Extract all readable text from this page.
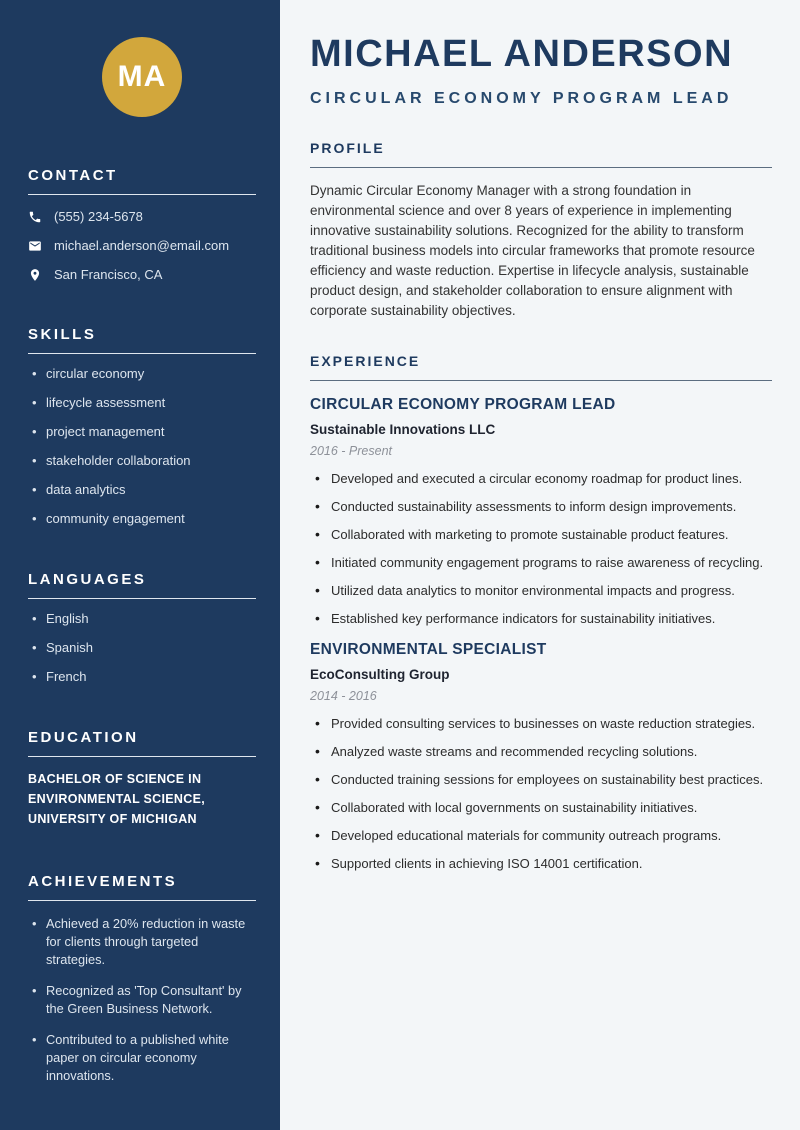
MA
CONTACT
(555) 234-5678
michael.anderson@email.com
San Francisco, CA
SKILLS
• circular economy
• lifecycle assessment
• project management
• stakeholder collaboration
• data analytics
• community engagement
LANGUAGES
• English
• Spanish
• French
EDUCATION
BACHELOR OF SCIENCE IN ENVIRONMENTAL SCIENCE, UNIVERSITY OF MICHIGAN
ACHIEVEMENTS
• Achieved a 20% reduction in waste for clients through targeted strategies.
• Recognized as 'Top Consultant' by the Green Business Network.
• Contributed to a published white paper on circular economy innovations.
MICHAEL ANDERSON

CIRCULAR ECONOMY PROGRAM LEAD

PROFILE

Dynamic Circular Economy Manager with a strong foundation in environmental science and over 8 years of experience in implementing innovative sustainability solutions. Recognized for the ability to transform traditional business models into circular frameworks that promote resource efficiency and waste reduction. Expertise in lifecycle analysis, sustainable product design, and stakeholder collaboration to ensure alignment with corporate sustainability objectives.

EXPERIENCE
CIRCULAR ECONOMY PROGRAM LEAD

Sustainable Innovations LLC

2016 - Present

• Developed and executed a circular economy roadmap for product lines.
• Conducted sustainability assessments to inform design improvements.
• Collaborated with marketing to promote sustainable product features.
• Initiated community engagement programs to raise awareness of recycling.
• Utilized data analytics to monitor environmental impacts and progress.
• Established key performance indicators for sustainability initiatives.
ENVIRONMENTAL SPECIALIST

EcoConsulting Group

2014 - 2016

• Provided consulting services to businesses on waste reduction strategies.
• Analyzed waste streams and recommended recycling solutions.
• Conducted training sessions for employees on sustainability best practices.
• Collaborated with local governments on sustainability initiatives.
• Developed educational materials for community outreach programs.
• Supported clients in achieving ISO 14001 certification.
